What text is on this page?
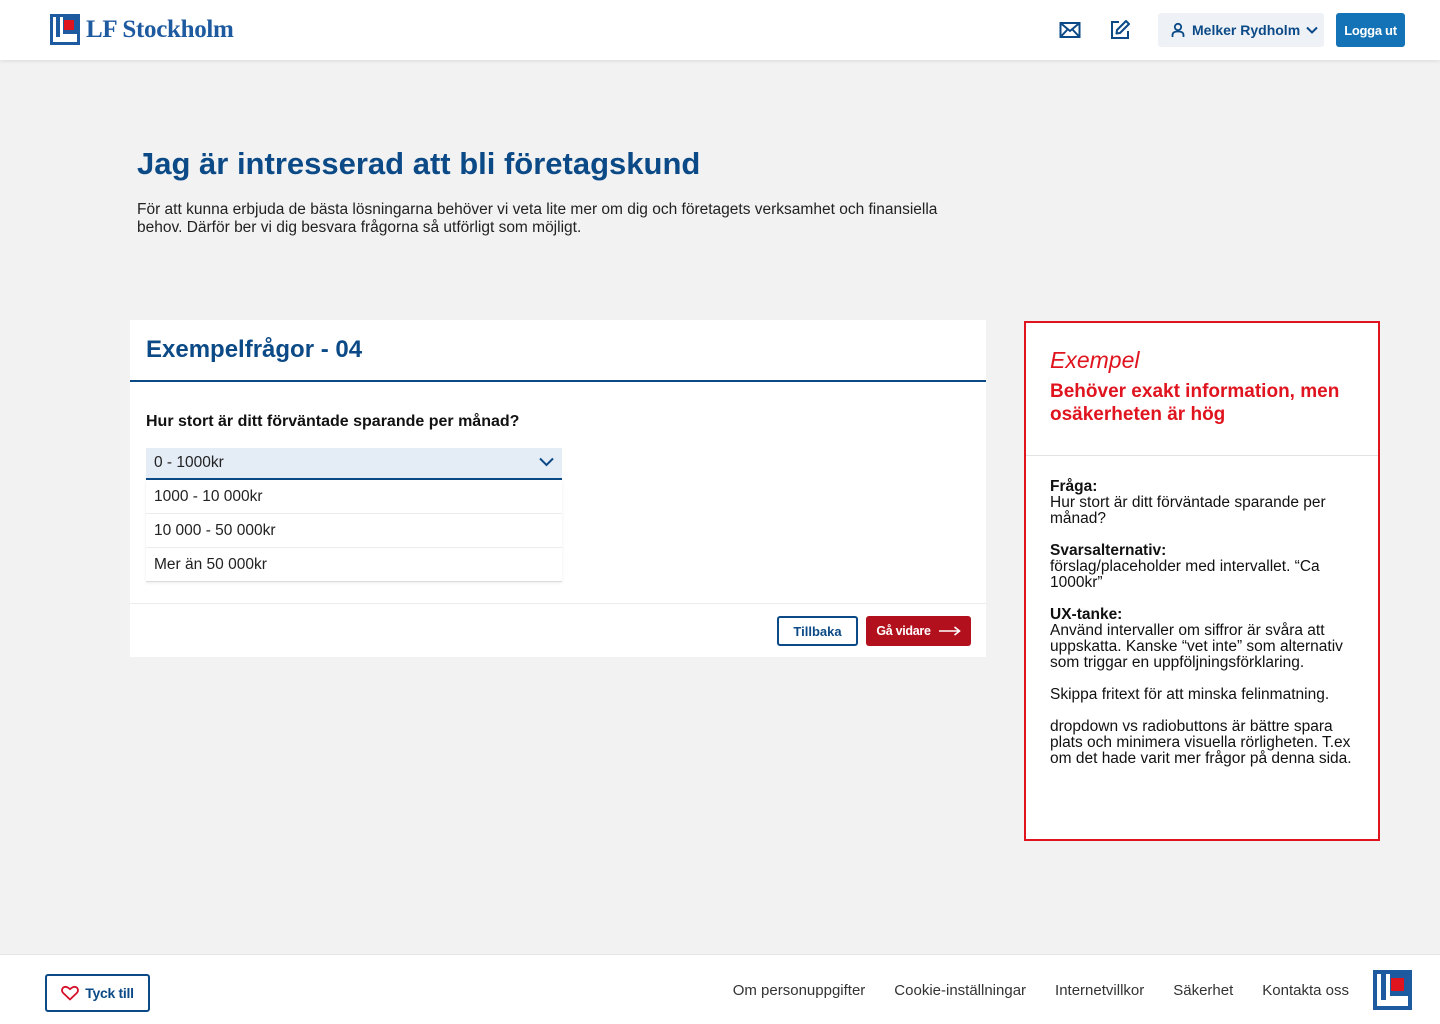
LF Stockholm	Melker Rydholm	Logga ut
Jag är intresserad att bli företagskund

För att kunna erbjuda de bästa lösningarna behöver vi veta lite mer om dig och företagets verksamhet och finansiella behov. Därför ber vi dig besvara frågorna så utförligt som möjligt.

Exempelfrågor - 04
Hur stort är ditt förväntade sparande per månad?
0 - 1000kr
1000 - 10 000kr
10 000 - 50 000kr
Mer än 50 000kr
Tillbaka	Gå vidare
Exempel
Behöver exakt information, men osäkerheten är hög
Fråga:
Hur stort är ditt förväntade sparande per månad?
Svarsalternativ:
förslag/placeholder med intervallet. “Ca 1000kr”
UX-tanke:
Använd intervaller om siffror är svåra att uppskatta. Kanske “vet inte” som alternativ som triggar en uppföljningsförklaring.
Skippa fritext för att minska felinmatning.
dropdown vs radiobuttons är bättre spara plats och minimera visuella rörligheten. T.ex om det hade varit mer frågor på denna sida.
Tyck till	Om personuppgifter Cookie-inställningar Internetvillkor Säkerhet Kontakta oss
